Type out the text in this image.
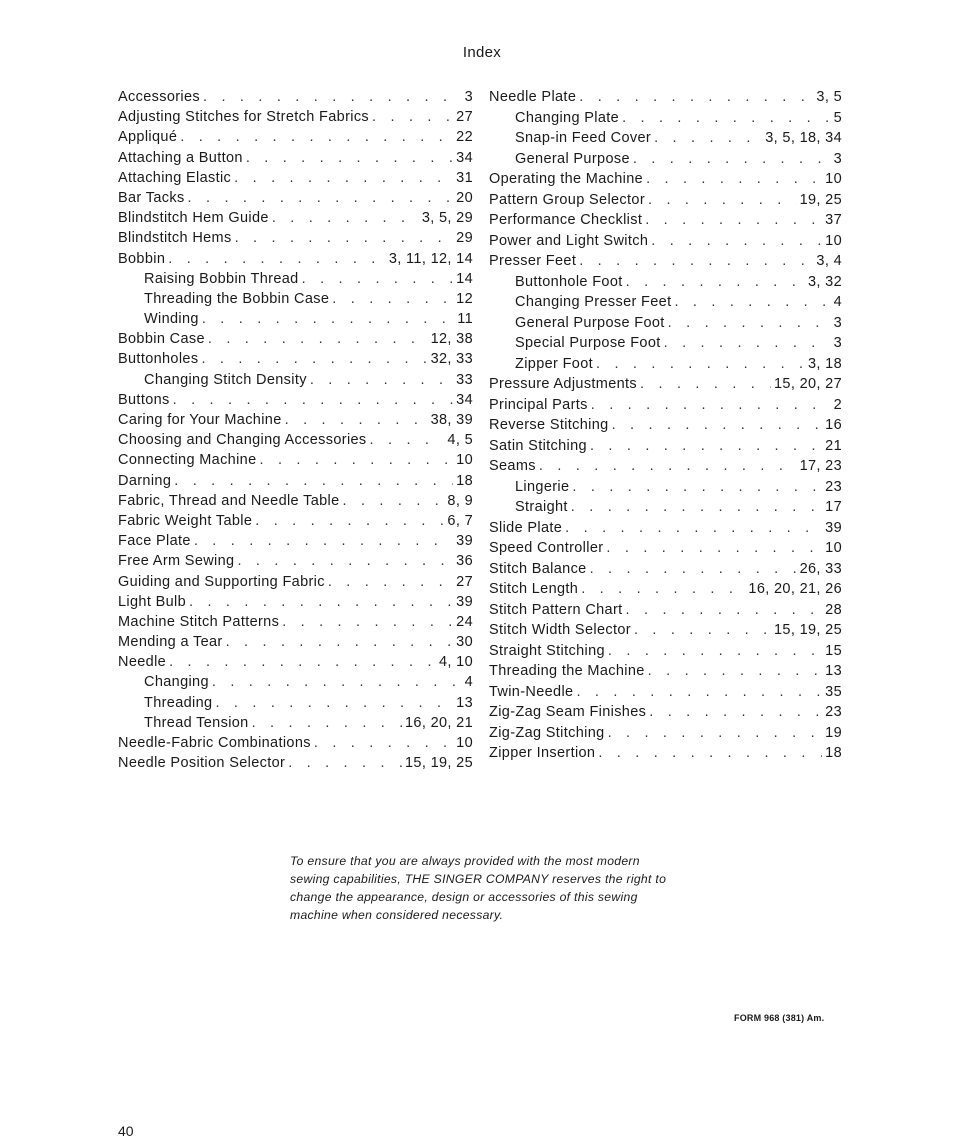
Index
Accessories . . .	3
Adjusting Stitches for Stretch Fabrics . . .	27
Appliqué . . .	22
Attaching a Button . . .	34
Attaching Elastic . . .	31
Bar Tacks . . .	20
Blindstitch Hem Guide . . .	3, 5, 29
Blindstitch Hems . . .	29
Bobbin . . .	3, 11, 12, 14
Raising Bobbin Thread . . .	14
Threading the Bobbin Case . . .	12
Winding . . .	11
Bobbin Case . . .	12, 38
Buttonholes . . .	32, 33
Changing Stitch Density . . .	33
Buttons . . .	34
Caring for Your Machine . . .	38, 39
Choosing and Changing Accessories . . .	4, 5
Connecting Machine . . .	10
Darning . . .	18
Fabric, Thread and Needle Table . . .	8, 9
Fabric Weight Table . . .	6, 7
Face Plate . . .	39
Free Arm Sewing . . .	36
Guiding and Supporting Fabric . . .	27
Light Bulb . . .	39
Machine Stitch Patterns . . .	24
Mending a Tear . . .	30
Needle . . .	4, 10
Changing . . .	4
Threading . . .	13
Thread Tension . . .	16, 20, 21
Needle-Fabric Combinations . . .	10
Needle Position Selector . . .	15, 19, 25
Needle Plate . . .	3, 5
Changing Plate . . .	5
Snap-in Feed Cover . . .	3, 5, 18, 34
General Purpose . . .	3
Operating the Machine . . .	10
Pattern Group Selector . . .	19, 25
Performance Checklist . . .	37
Power and Light Switch . . .	10
Presser Feet . . .	3, 4
Buttonhole Foot . . .	3, 32
Changing Presser Feet . . .	4
General Purpose Foot . . .	3
Special Purpose Foot . . .	3
Zipper Foot . . .	3, 18
Pressure Adjustments . . .	15, 20, 27
Principal Parts . . .	2
Reverse Stitching . . .	16
Satin Stitching . . .	21
Seams . . .	17, 23
Lingerie . . .	23
Straight . . .	17
Slide Plate . . .	39
Speed Controller . . .	10
Stitch Balance . . .	26, 33
Stitch Length . . .	16, 20, 21, 26
Stitch Pattern Chart . . .	28
Stitch Width Selector . . .	15, 19, 25
Straight Stitching . . .	15
Threading the Machine . . .	13
Twin-Needle . . .	35
Zig-Zag Seam Finishes . . .	23
Zig-Zag Stitching . . .	19
Zipper Insertion . . .	18
To ensure that you are always provided with the most modern sewing capabilities, THE SINGER COMPANY reserves the right to change the appearance, design or accessories of this sewing machine when considered necessary.
FORM 968 (381) Am.
40
